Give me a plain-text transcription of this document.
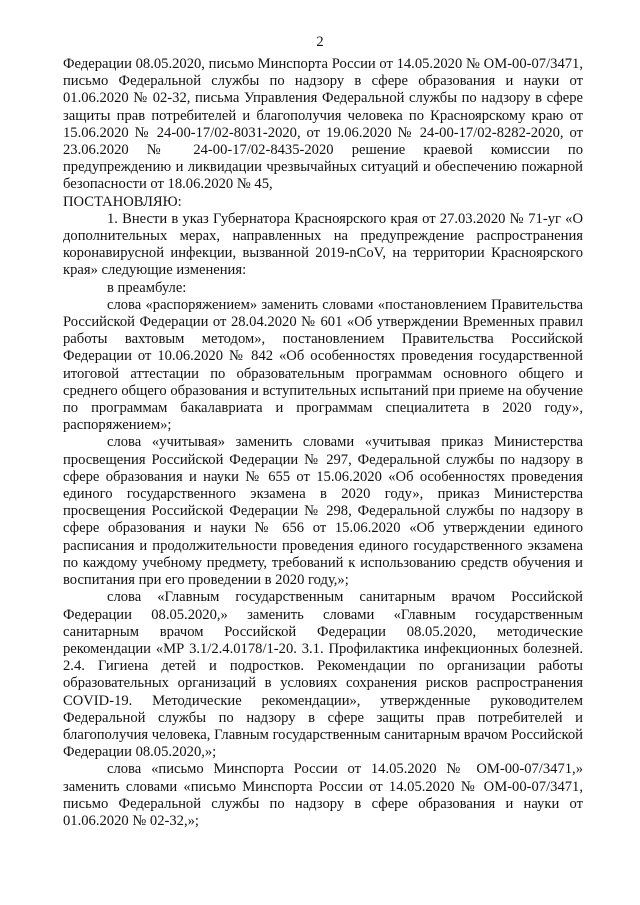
2

Федерации 08.05.2020, письмо Минспорта России от 14.05.2020 № ОМ-00-07/3471, письмо Федеральной службы по надзору в сфере образования и науки от 01.06.2020 № 02-32, письма Управления Федеральной службы по надзору в сфере защиты прав потребителей и благополучия человека по Красноярскому краю от 15.06.2020 № 24-00-17/02-8031-2020, от 19.06.2020 № 24-00-17/02-8282-2020, от 23.06.2020 № 24-00-17/02-8435-2020 решение краевой комиссии по предупреждению и ликвидации чрезвычайных ситуаций и обеспечению пожарной безопасности от 18.06.2020 № 45,

ПОСТАНОВЛЯЮ:

1. Внести в указ Губернатора Красноярского края от 27.03.2020 № 71-уг «О дополнительных мерах, направленных на предупреждение распространения коронавирусной инфекции, вызванной 2019-nCoV, на территории Красноярского края» следующие изменения:

в преамбуле:

слова «распоряжением» заменить словами «постановлением Правительства Российской Федерации от 28.04.2020 № 601 «Об утверждении Временных правил работы вахтовым методом», постановлением Правительства Российской Федерации от 10.06.2020 № 842 «Об особенностях проведения государственной итоговой аттестации по образовательным программам основного общего и среднего общего образования и вступительных испытаний при приеме на обучение по программам бакалавриата и программам специалитета в 2020 году», распоряжением»;

слова «учитывая» заменить словами «учитывая приказ Министерства просвещения Российской Федерации № 297, Федеральной службы по надзору в сфере образования и науки № 655 от 15.06.2020 «Об особенностях проведения единого государственного экзамена в 2020 году», приказ Министерства просвещения Российской Федерации № 298, Федеральной службы по надзору в сфере образования и науки № 656 от 15.06.2020 «Об утверждении единого расписания и продолжительности проведения единого государственного экзамена по каждому учебному предмету, требований к использованию средств обучения и воспитания при его проведении в 2020 году,»;

слова «Главным государственным санитарным врачом Российской Федерации 08.05.2020,» заменить словами «Главным государственным санитарным врачом Российской Федерации 08.05.2020, методические рекомендации «МР 3.1/2.4.0178/1-20. 3.1. Профилактика инфекционных болезней. 2.4. Гигиена детей и подростков. Рекомендации по организации работы образовательных организаций в условиях сохранения рисков распространения COVID-19. Методические рекомендации», утвержденные руководителем Федеральной службы по надзору в сфере защиты прав потребителей и благополучия человека, Главным государственным санитарным врачом Российской Федерации 08.05.2020,»;

слова «письмо Минспорта России от 14.05.2020 № ОМ-00-07/3471,» заменить словами «письмо Минспорта России от 14.05.2020 № ОМ-00-07/3471, письмо Федеральной службы по надзору в сфере образования и науки от 01.06.2020 № 02-32,»;
